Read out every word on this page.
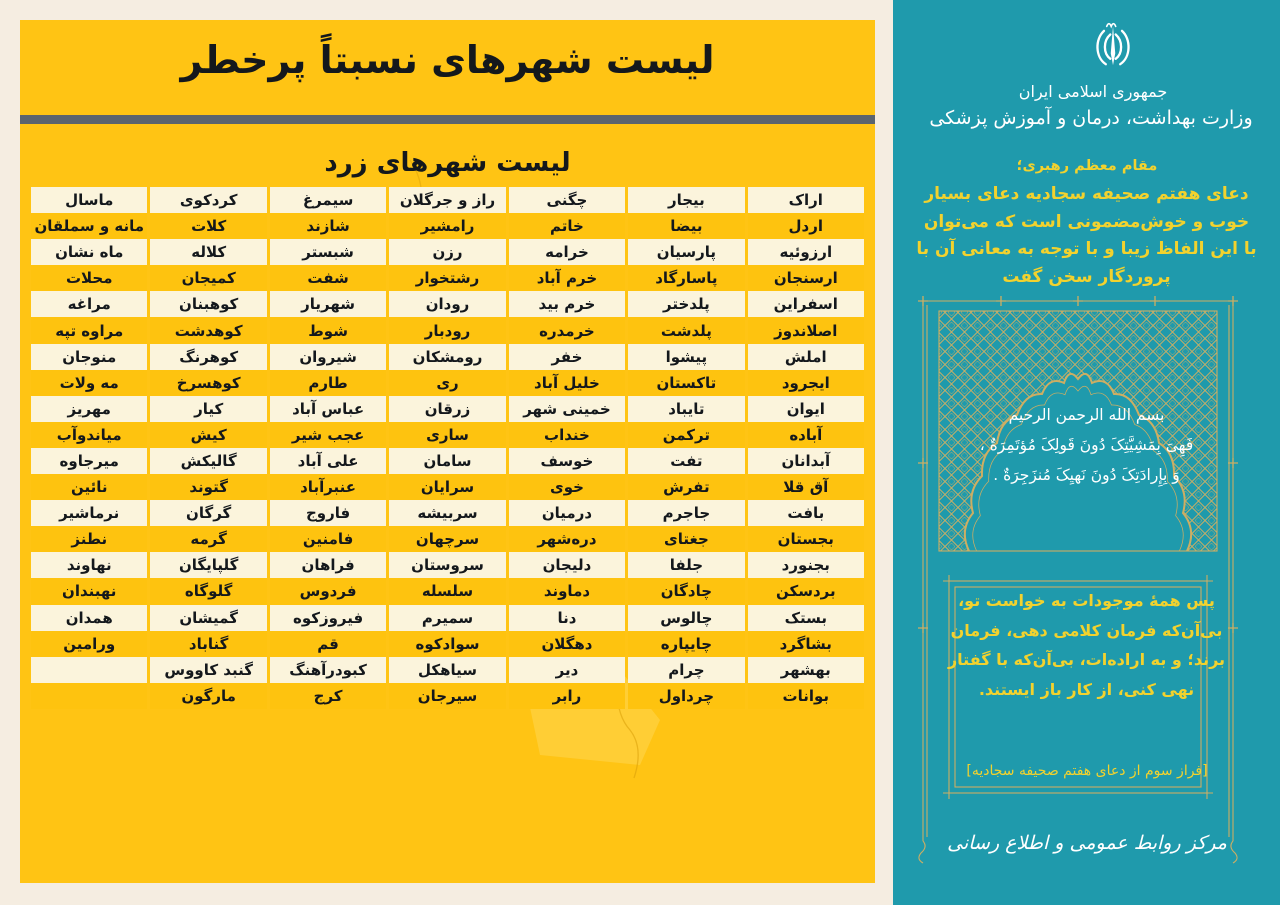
لیست شهرهای نسبتاً پرخطر
لیست شهرهای زرد
اراک
بیجار
چگنی
راز و جرگلان
سیمرغ
کردکوی
ماسال
اردل
بیضا
خاتم
رامشیر
شازند
کلات
مانه و سملقان
ارزوئیه
پارسیان
خرامه
رزن
شبستر
کلاله
ماه نشان
ارسنجان
پاسارگاد
خرم آباد
رشتخوار
شفت
کمیجان
محلات
اسفراین
پلدختر
خرم بید
رودان
شهریار
کوهبنان
مراغه
اصلاندوز
پلدشت
خرمدره
رودبار
شوط
کوهدشت
مراوه تپه
املش
پیشوا
خفر
رومشکان
شیروان
کوهرنگ
منوجان
ایجرود
تاکستان
خلیل آباد
ری
طارم
کوهسرخ
مه ولات
ایوان
تایباد
خمینی شهر
زرقان
عباس آباد
کیار
مهریز
آباده
ترکمن
خنداب
ساری
عجب شیر
کیش
میاندوآب
آبدانان
تفت
خوسف
سامان
علی آباد
گالیکش
میرجاوه
آق قلا
تفرش
خوی
سرایان
عنبرآباد
گتوند
نائین
بافت
جاجرم
درمیان
سربیشه
فاروج
گرگان
نرماشیر
بجستان
جغتای
دره‌شهر
سرچهان
فامنین
گرمه
نطنز
بجنورد
جلفا
دلیجان
سروستان
فراهان
گلپایگان
نهاوند
بردسکن
چادگان
دماوند
سلسله
فردوس
گلوگاه
نهبندان
بستک
چالوس
دنا
سمیرم
فیروزکوه
گمیشان
همدان
بشاگرد
چایپاره
دهگلان
سوادکوه
قم
گناباد
ورامین
بهشهر
چرام
دیر
سیاهکل
کبودرآهنگ
گنبد کاووس
بوانات
چرداول
رابر
سیرجان
کرج
مارگون
جمهوری اسلامی ایران
وزارت بهداشت، درمان و آموزش پزشکی
مقام معظم رهبری؛
دعای هفتم صحیفه سجادیه دعای بسیار خوب و خوش‌مضمونی است که می‌توان با این الفاظ زیبا و با توجه به معانی آن با پروردگار سخن گفت
بسم الله الرحمن الرحیم
فَهِیَ بِمَشِیَّتِکَ دُونَ قَولِکَ مُؤتَمِرَةٌ ،
وَ بِإِرادَتِکَ دُونَ نَهیِکَ مُنزَجِرَةٌ .
پس همهٔ موجودات به خواست تو، بی‌آن‌که فرمان کلامی دهی، فرمان برند؛ و به اراده‌ات، بی‌آن‌که با گفتار نهی کنی، از کار باز ایستند.
[فراز سوم از دعای هفتم صحیفه سجادیه]
مرکز روابط عمومی و اطلاع رسانی
